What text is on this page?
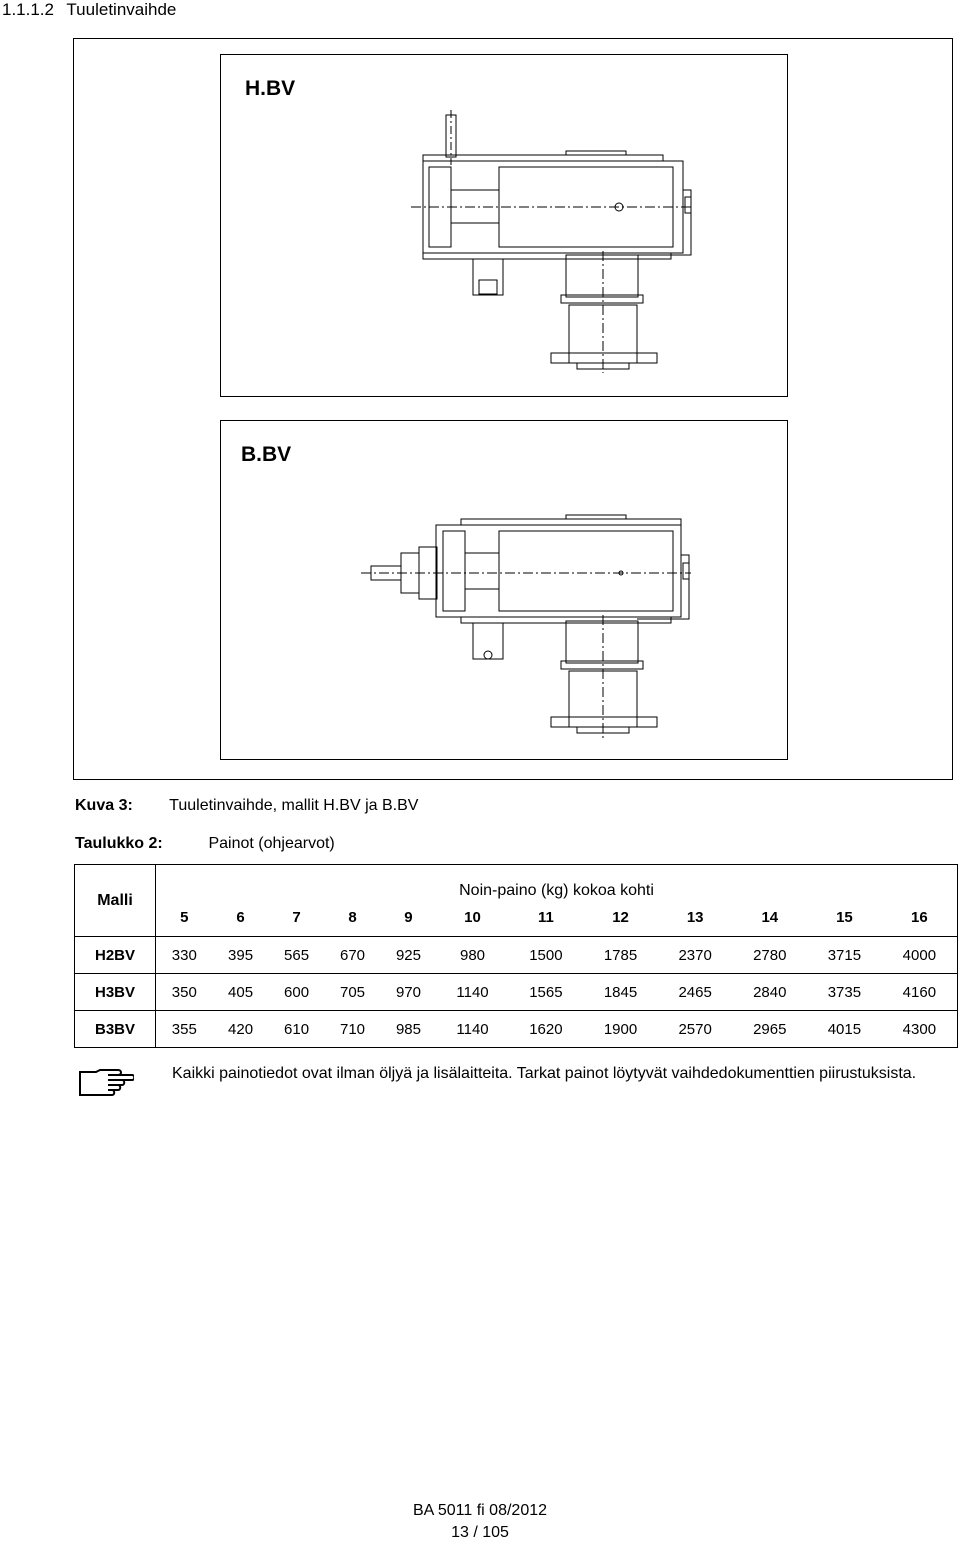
1.1.1.2 Tuuletinvaihde
H.BV
B.BV
Kuva 3: Tuuletinvaihde, mallit H.BV ja B.BV
Taulukko 2:	Painot (ohjearvot)
Malli	Noin-paino (kg) kokoa kohti											
	5	6	7	8	9	10	11	12	13	14	15	16
H2BV	330	395	565	670	925	980	1500	1785	2370	2780	3715	4000
H3BV	350	405	600	705	970	1140	1565	1845	2465	2840	3735	4160
B3BV	355	420	610	710	985	1140	1620	1900	2570	2965	4015	4300
Kaikki painotiedot ovat ilman öljyä ja lisälaitteita. Tarkat painot löytyvät vaihdedokumenttien piirustuksista.
BA 5011 fi 08/2012
13 / 105
